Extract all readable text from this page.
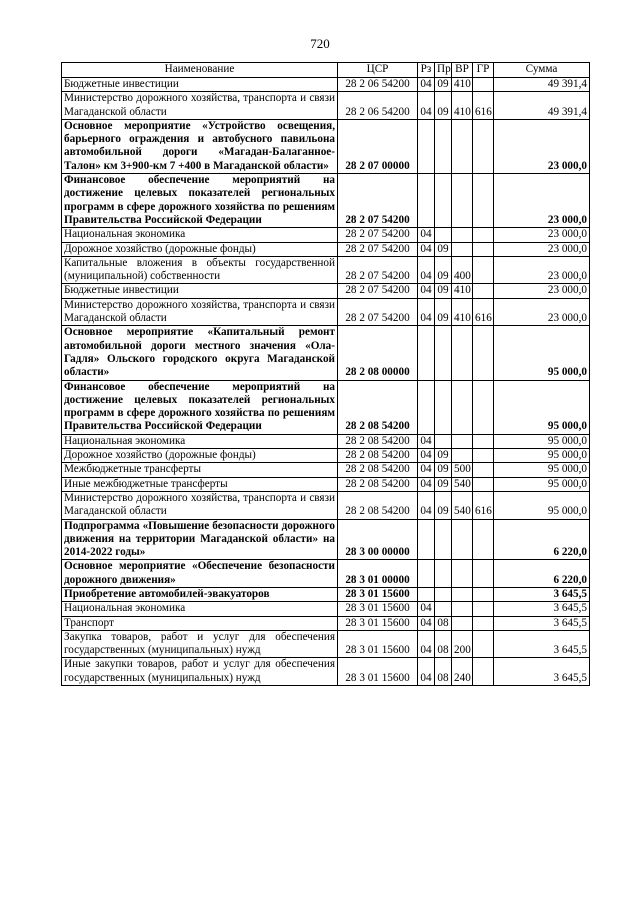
720
Наименование	ЦСР	Рз	Пр	ВР	ГР	Сумма
Бюджетные инвестиции	28 2 06 54200	04	09	410		49 391,4
Министерство дорожного хозяйства, транспорта и связи Магаданской области	28 2 06 54200	04	09	410	616	49 391,4
Основное мероприятие «Устройство освещения, барьерного ограждения и автобусного павильона автомобильной дороги «Магадан-Балаганное-Талон» км 3+900-км 7 +400 в Магаданской области»	28 2 07 00000					23 000,0
Финансовое обеспечение мероприятий на достижение целевых показателей региональных программ в сфере дорожного хозяйства по решениям Правительства Российской Федерации	28 2 07 54200					23 000,0
Национальная экономика	28 2 07 54200	04				23 000,0
Дорожное хозяйство (дорожные фонды)	28 2 07 54200	04	09			23 000,0
Капитальные вложения в объекты государственной (муниципальной) собственности	28 2 07 54200	04	09	400		23 000,0
Бюджетные инвестиции	28 2 07 54200	04	09	410		23 000,0
Министерство дорожного хозяйства, транспорта и связи Магаданской области	28 2 07 54200	04	09	410	616	23 000,0
Основное мероприятие «Капитальный ремонт автомобильной дороги местного значения «Ола-Гадля» Ольского городского округа Магаданской области»	28 2 08 00000					95 000,0
Финансовое обеспечение мероприятий на достижение целевых показателей региональных программ в сфере дорожного хозяйства по решениям Правительства Российской Федерации	28 2 08 54200					95 000,0
Национальная экономика	28 2 08 54200	04				95 000,0
Дорожное хозяйство (дорожные фонды)	28 2 08 54200	04	09			95 000,0
Межбюджетные трансферты	28 2 08 54200	04	09	500		95 000,0
Иные межбюджетные трансферты	28 2 08 54200	04	09	540		95 000,0
Министерство дорожного хозяйства, транспорта и связи Магаданской области	28 2 08 54200	04	09	540	616	95 000,0
Подпрограмма «Повышение безопасности дорожного движения на территории Магаданской области» на 2014-2022 годы»	28 3 00 00000					6 220,0
Основное мероприятие «Обеспечение безопасности дорожного движения»	28 3 01 00000					6 220,0
Приобретение автомобилей-эвакуаторов	28 3 01 15600					3 645,5
Национальная экономика	28 3 01 15600	04				3 645,5
Транспорт	28 3 01 15600	04	08			3 645,5
Закупка товаров, работ и услуг для обеспечения государственных (муниципальных) нужд	28 3 01 15600	04	08	200		3 645,5
Иные закупки товаров, работ и услуг для обеспечения государственных (муниципальных) нужд	28 3 01 15600	04	08	240		3 645,5
